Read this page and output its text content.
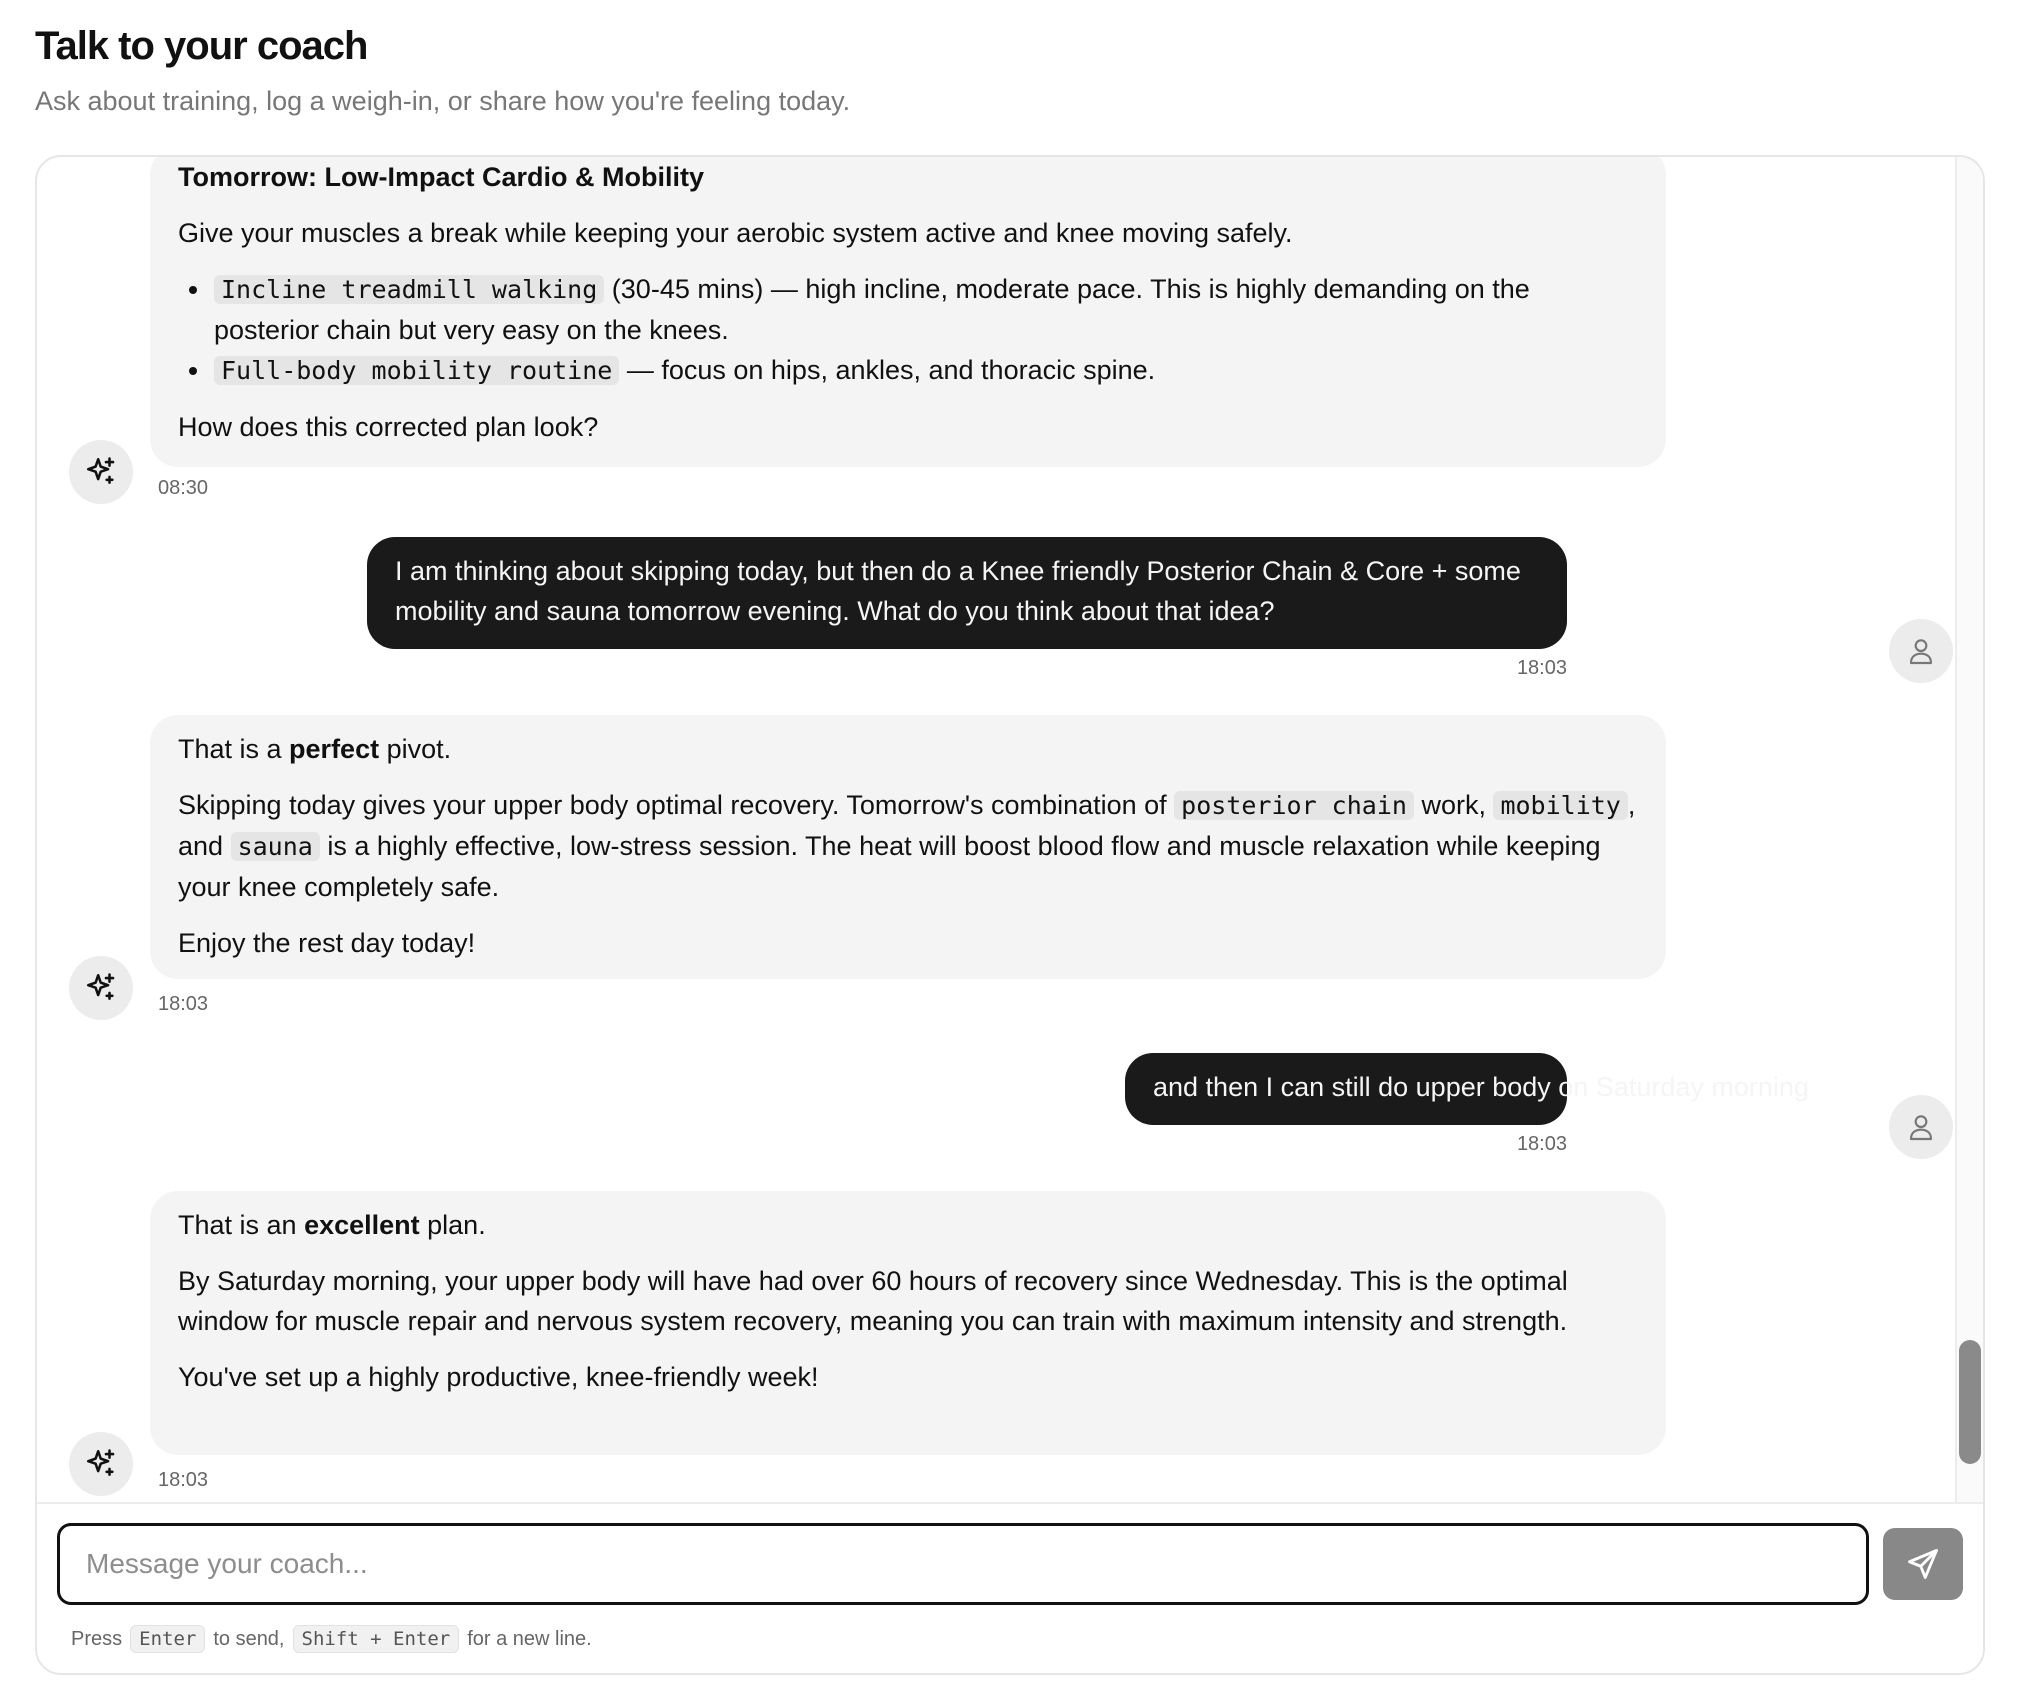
Talk to your coach
Ask about training, log a weigh-in, or share how you're feeling today.

Tomorrow: Low-Impact Cardio & Mobility

Give your muscles a break while keeping your aerobic system active and knee moving safely.

Incline treadmill walking (30-45 mins) — high incline, moderate pace. This is highly demanding on the posterior chain but very easy on the knees.
Full-body mobility routine — focus on hips, ankles, and thoracic spine.

How does this corrected plan look?

08:30
I am thinking about skipping today, but then do a Knee friendly Posterior Chain & Core + some mobility and sauna tomorrow evening. What do you think about that idea?
18:03

That is a perfect pivot.

Skipping today gives your upper body optimal recovery. Tomorrow's combination of posterior chain work, mobility , and sauna is a highly effective, low-stress session. The heat will boost blood flow and muscle relaxation while keeping your knee completely safe.

Enjoy the rest day today!

18:03
and then I can still do upper body on Saturday morning
18:03

That is an excellent plan.

By Saturday morning, your upper body will have had over 60 hours of recovery since Wednesday. This is the optimal window for muscle repair and nervous system recovery, meaning you can train with maximum intensity and strength.

You've set up a highly productive, knee-friendly week!

18:03
Message your coach...
Press Enter to send, Shift + Enter for a new line.
